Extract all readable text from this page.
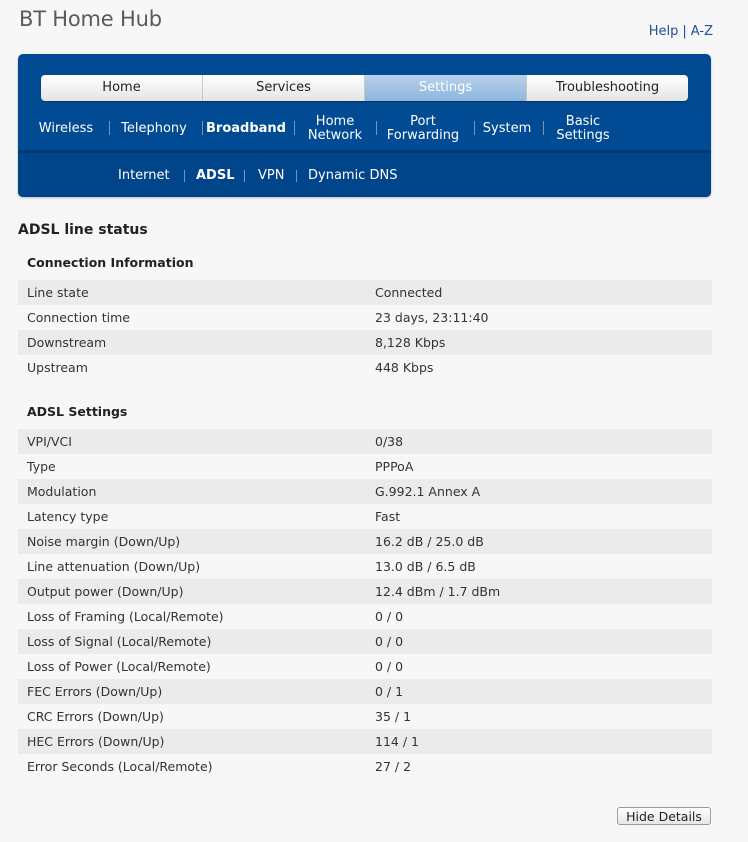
BT Home Hub
Help | A-Z
Home	Services	Settings	Troubleshooting
Wireless Telephony Broadband	Home
Network
Port
Forwarding System	Basic
Settings
Internet ADSL VPN Dynamic DNS
ADSL line status
Connection Information
Line state	Connected
Connection time	23 days, 23:11:40
Downstream	8,128 Kbps
Upstream	448 Kbps
ADSL Settings
VPI/VCI	0/38
Type	PPPoA
Modulation	G.992.1 Annex A
Latency type	Fast
Noise margin (Down/Up)	16.2 dB / 25.0 dB
Line attenuation (Down/Up)	13.0 dB / 6.5 dB
Output power (Down/Up)	12.4 dBm / 1.7 dBm
Loss of Framing (Local/Remote)	0 / 0
Loss of Signal (Local/Remote)	0 / 0
Loss of Power (Local/Remote)	0 / 0
FEC Errors (Down/Up)	0 / 1
CRC Errors (Down/Up)	35 / 1
HEC Errors (Down/Up)	114 / 1
Error Seconds (Local/Remote)	27 / 2
Hide Details
